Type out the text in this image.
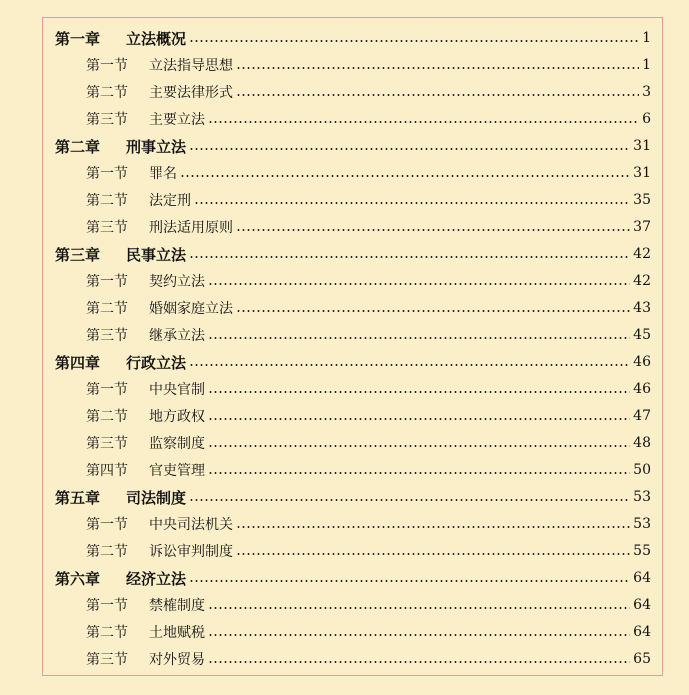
第一章	立法概况	1
第一节	立法指导思想	1
第二节	主要法律形式	3
第三节	主要立法	6
第二章	刑事立法	31
第一节	罪名	31
第二节	法定刑	35
第三节	刑法适用原则	37
第三章	民事立法	42
第一节	契约立法	42
第二节	婚姻家庭立法	43
第三节	继承立法	45
第四章	行政立法	46
第一节	中央官制	46
第二节	地方政权	47
第三节	监察制度	48
第四节	官吏管理	50
第五章	司法制度	53
第一节	中央司法机关	53
第二节	诉讼审判制度	55
第六章	经济立法	64
第一节	禁榷制度	64
第二节	土地赋税	64
第三节	对外贸易	65
